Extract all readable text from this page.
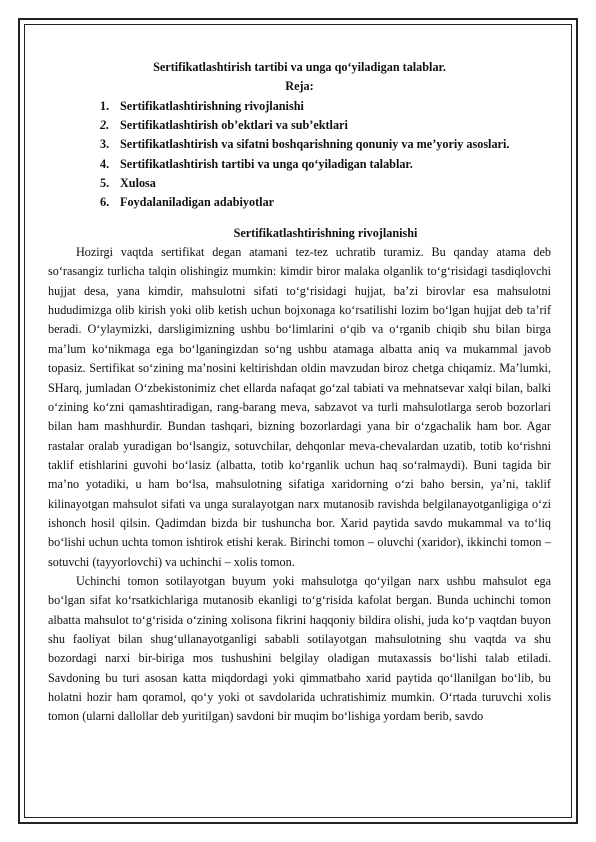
Sertifikatlashtirish tartibi va unga qo‘yiladigan talablar.

Reja:

1. Sertifikatlashtirishning rivojlanishi
2. Sertifikatlashtirish ob’ektlari va sub’ektlari
3. Sertifikatlashtirish va sifatni boshqarishning qonuniy va me’yoriy asoslari.
4. Sertifikatlashtirish tartibi va unga qo‘yiladigan talablar.
5. Xulosa
6. Foydalaniladigan adabiyotlar

Sertifikatlashtirishning rivojlanishi

Hozirgi vaqtda sertifikat degan atamani tez-tez uchratib turamiz. Bu qanday atama deb so‘rasangiz turlicha talqin olishingiz mumkin: kimdir biror malaka olganlik to‘g‘risidagi tasdiqlovchi hujjat desa, yana kimdir, mahsulotni sifati to‘g‘risidagi hujjat, ba’zi birovlar esa mahsulotni hududimizga olib kirish yoki olib ketish uchun bojxonaga ko‘rsatilishi lozim bo‘lgan hujjat deb ta’rif beradi. O‘ylaymizki, darsligimizning ushbu bo‘limlarini o‘qib va o‘rganib chiqib shu bilan birga ma’lum ko‘nikmaga ega bo‘lganingizdan so‘ng ushbu atamaga albatta aniq va mukammal javob topasiz. Sertifikat so‘zining ma’nosini keltirishdan oldin mavzudan biroz chetga chiqamiz. Ma’lumki, SHarq, jumladan O‘zbekistonimiz chet ellarda nafaqat go‘zal tabiati va mehnatsevar xalqi bilan, balki o‘zining ko‘zni qamashtiradigan, rang-barang meva, sabzavot va turli mahsulotlarga serob bozorlari bilan ham mashhurdir. Bundan tashqari, bizning bozorlardagi yana bir o‘zgachalik ham bor. Agar rastalar oralab yuradigan bo‘lsangiz, sotuvchilar, dehqonlar meva-chevalardan uzatib, totib ko‘rishni taklif etishlarini guvohi bo‘lasiz (albatta, totib ko‘rganlik uchun haq so‘ralmaydi). Buni tagida bir ma’no yotadiki, u ham bo‘lsa, mahsulotning sifatiga xaridorning o‘zi baho bersin, ya’ni, taklif kilinayotgan mahsulot sifati va unga suralayotgan narx mutanosib ravishda belgilanayotganligiga o‘zi ishonch hosil qilsin. Qadimdan bizda bir tushuncha bor. Xarid paytida savdo mukammal va to‘liq bo‘lishi uchun uchta tomon ishtirok etishi kerak. Birinchi tomon – oluvchi (xaridor), ikkinchi tomon – sotuvchi (tayyorlovchi) va uchinchi – xolis tomon.

Uchinchi tomon sotilayotgan buyum yoki mahsulotga qo‘yilgan narx ushbu mahsulot ega bo‘lgan sifat ko‘rsatkichlariga mutanosib ekanligi to‘g‘risida kafolat bergan. Bunda uchinchi tomon albatta mahsulot to‘g‘risida o‘zining xolisona fikrini haqqoniy bildira olishi, juda ko‘p vaqtdan buyon shu faoliyat bilan shug‘ullanayotganligi sababli sotilayotgan mahsulotning shu vaqtda va shu bozordagi narxi bir-biriga mos tushushini belgilay oladigan mutaxassis bo‘lishi talab etiladi. Savdoning bu turi asosan katta miqdordagi yoki qimmatbaho xarid paytida qo‘llanilgan bo‘lib, bu holatni hozir ham qoramol, qo‘y yoki ot savdolarida uchratishimiz mumkin. O‘rtada turuvchi xolis tomon (ularni dallollar deb yuritilgan) savdoni bir muqim bo‘lishiga yordam berib, savdo
